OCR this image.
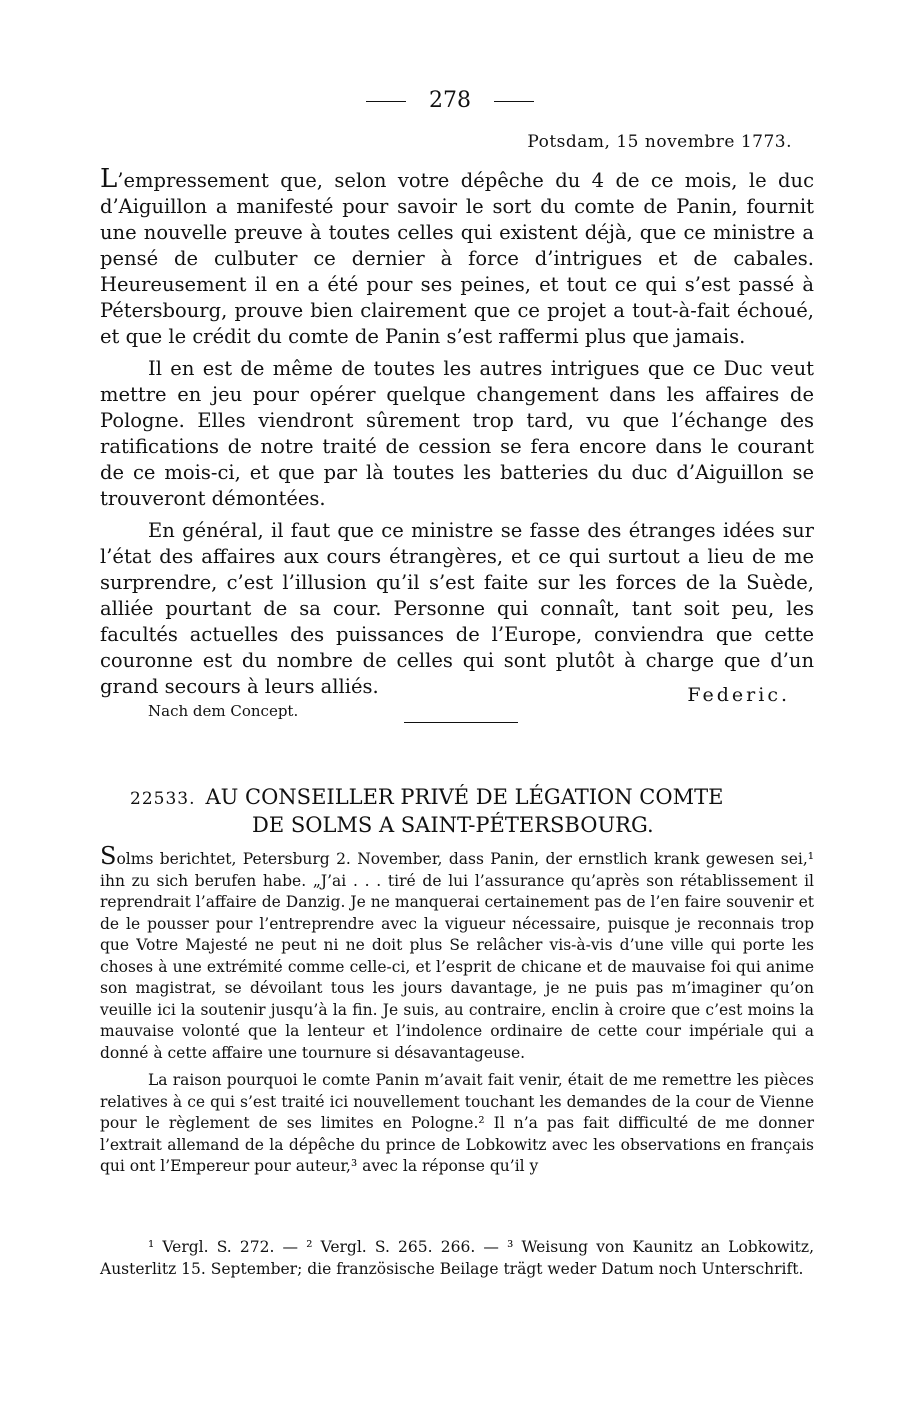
278
Potsdam, 15 novembre 1773.

L’empressement que, selon votre dépêche du 4 de ce mois, le duc d’Aiguillon a manifesté pour savoir le sort du comte de Panin, fournit une nouvelle preuve à toutes celles qui existent déjà, que ce ministre a pensé de culbuter ce dernier à force d’intrigues et de cabales. Heureusement il en a été pour ses peines, et tout ce qui s’est passé à Pétersbourg, prouve bien clairement que ce projet a tout-à-fait échoué, et que le crédit du comte de Panin s’est raffermi plus que jamais.

Il en est de même de toutes les autres intrigues que ce Duc veut mettre en jeu pour opérer quelque changement dans les affaires de Pologne. Elles viendront sûrement trop tard, vu que l’échange des ratifications de notre traité de cession se fera encore dans le courant de ce mois-ci, et que par là toutes les batteries du duc d’Aiguillon se trouveront démontées.

En général, il faut que ce ministre se fasse des étranges idées sur l’état des affaires aux cours étrangères, et ce qui surtout a lieu de me surprendre, c’est l’illusion qu’il s’est faite sur les forces de la Suède, alliée pourtant de sa cour. Personne qui connaît, tant soit peu, les facultés actuelles des puissances de l’Europe, conviendra que cette couronne est du nombre de celles qui sont plutôt à charge que d’un grand secours à leurs alliés.	Federic.
Nach dem Concept.
22533. AU CONSEILLER PRIVÉ DE LÉGATION COMTE
DE SOLMS A SAINT-PÉTERSBOURG.

Solms berichtet, Petersburg 2. November, dass Panin, der ernstlich krank gewesen sei,¹ ihn zu sich berufen habe. „J’ai . . . tiré de lui l’assurance qu’après son rétablissement il reprendrait l’affaire de Danzig. Je ne manquerai certainement pas de l’en faire souvenir et de le pousser pour l’entreprendre avec la vigueur nécessaire, puisque je reconnais trop que Votre Majesté ne peut ni ne doit plus Se relâcher vis-à-vis d’une ville qui porte les choses à une extrémité comme celle-ci, et l’esprit de chicane et de mauvaise foi qui anime son magistrat, se dévoilant tous les jours davantage, je ne puis pas m’imaginer qu’on veuille ici la soutenir jusqu’à la fin. Je suis, au contraire, enclin à croire que c’est moins la mauvaise volonté que la lenteur et l’indolence ordinaire de cette cour impériale qui a donné à cette affaire une tournure si désavantageuse.

La raison pourquoi le comte Panin m’avait fait venir, était de me remettre les pièces relatives à ce qui s’est traité ici nouvellement touchant les demandes de la cour de Vienne pour le règlement de ses limites en Pologne.² Il n’a pas fait difficulté de me donner l’extrait allemand de la dépêche du prince de Lobkowitz avec les observations en français qui ont l’Empereur pour auteur,³ avec la réponse qu’il y

¹ Vergl. S. 272. — ² Vergl. S. 265. 266. — ³ Weisung von Kaunitz an Lobkowitz, Austerlitz 15. September; die französische Beilage trägt weder Datum noch Unterschrift.
